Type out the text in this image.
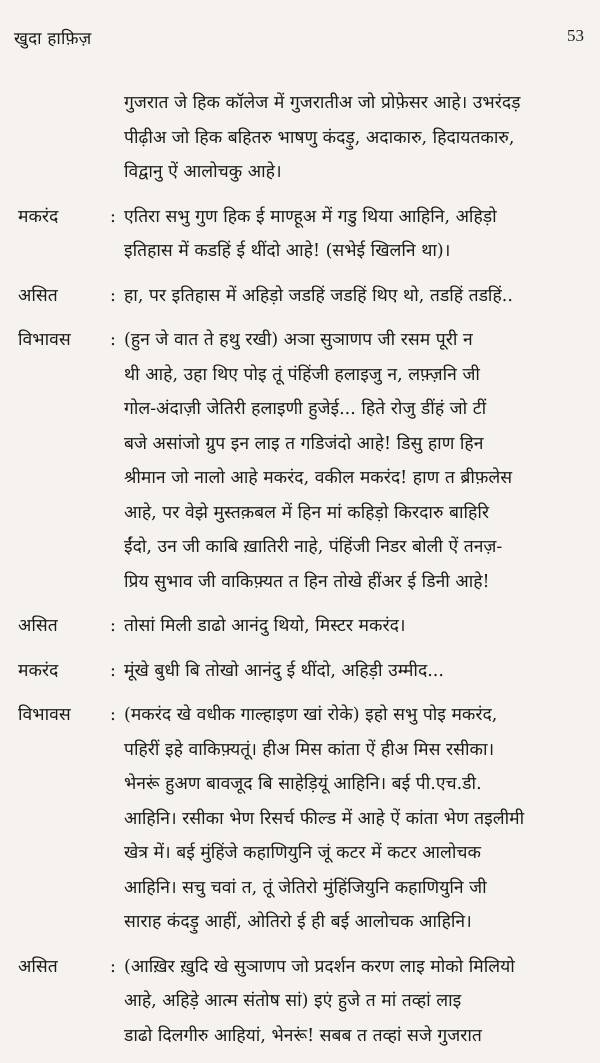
खुदा हाफ़िज़	53
गुजरात जे हिक कॉलेज में गुजरातीअ जो प्रोफ़ेसर आहे। उभरंदड़
पीढ़ीअ जो हिक बहितरु भाषणु कंदड़ु, अदाकारु, हिदायतकारु,
विद्वानु ऐं आलोचकु आहे।
मकरंद	: एतिरा सभु गुण हिक ई माण्हूअ में गडु थिया आहिनि, अहिड़ो
इतिहास में कडहिं ई थींदो आहे! (सभेई खिलनि था)।
असित	: हा, पर इतिहास में अहिड़ो जडहिं जडहिं थिए थो, तडहिं तडहिं..
विभावस	: (हुन जे वात ते हथु रखी) अञा सुञाणप जी रसम पूरी न
थी आहे, उहा थिए पोइ तूं पंहिंजी हलाइजु न, लफ़्ज़नि जी
गोल-अंदाज़ी जेतिरी हलाइणी हुजेई... हिते रोजु डींहं जो टीं
बजे असांजो ग्रुप इन लाइ त गडिजंदो आहे! डिसु हाण हिन
श्रीमान जो नालो आहे मकरंद, वकील मकरंद! हाण त ब्रीफ़लेस
आहे, पर वेझे मुस्तक़बल में हिन मां कहिड़ो किरदारु बाहिरि
ईंदो, उन जी काबि ख़ातिरी नाहे, पंहिंजी निडर बोली ऐं तनज़-
प्रिय सुभाव जी वाकिफ़्यत त हिन तोखे हींअर ई डिनी आहे!
असित	: तोसां मिली डाढो आनंदु थियो, मिस्टर मकरंद।
मकरंद	: मूंखे बुधी बि तोखो आनंदु ई थींदो, अहिड़ी उम्मीद...
विभावस	: (मकरंद खे वधीक गाल्हाइण खां रोके) इहो सभु पोइ मकरंद,
पहिरीं इहे वाकिफ़्यतूं। हीअ मिस कांता ऐं हीअ मिस रसीका।
भेनरूं हुअण बावजूद बि साहेड़ियूं आहिनि। बई पी.एच.डी.
आहिनि। रसीका भेण रिसर्च फील्ड में आहे ऐं कांता भेण तइलीमी
खेत्र में। बई मुंहिंजे कहाणियुनि जूं कटर में कटर आलोचक
आहिनि। सचु चवां त, तूं जेतिरो मुंहिंजियुनि कहाणियुनि जी
साराह कंदड़ु आहीं, ओतिरो ई ही बई आलोचक आहिनि।
असित	: (आख़िर ख़ुदि खे सुञाणप जो प्रदर्शन करण लाइ मोको मिलियो
आहे, अहिड़े आत्म संतोष सां) इएं हुजे त मां तव्हां लाइ
डाढो दिलगीरु आहियां, भेनरूं! सबब त तव्हां सजे गुजरात
